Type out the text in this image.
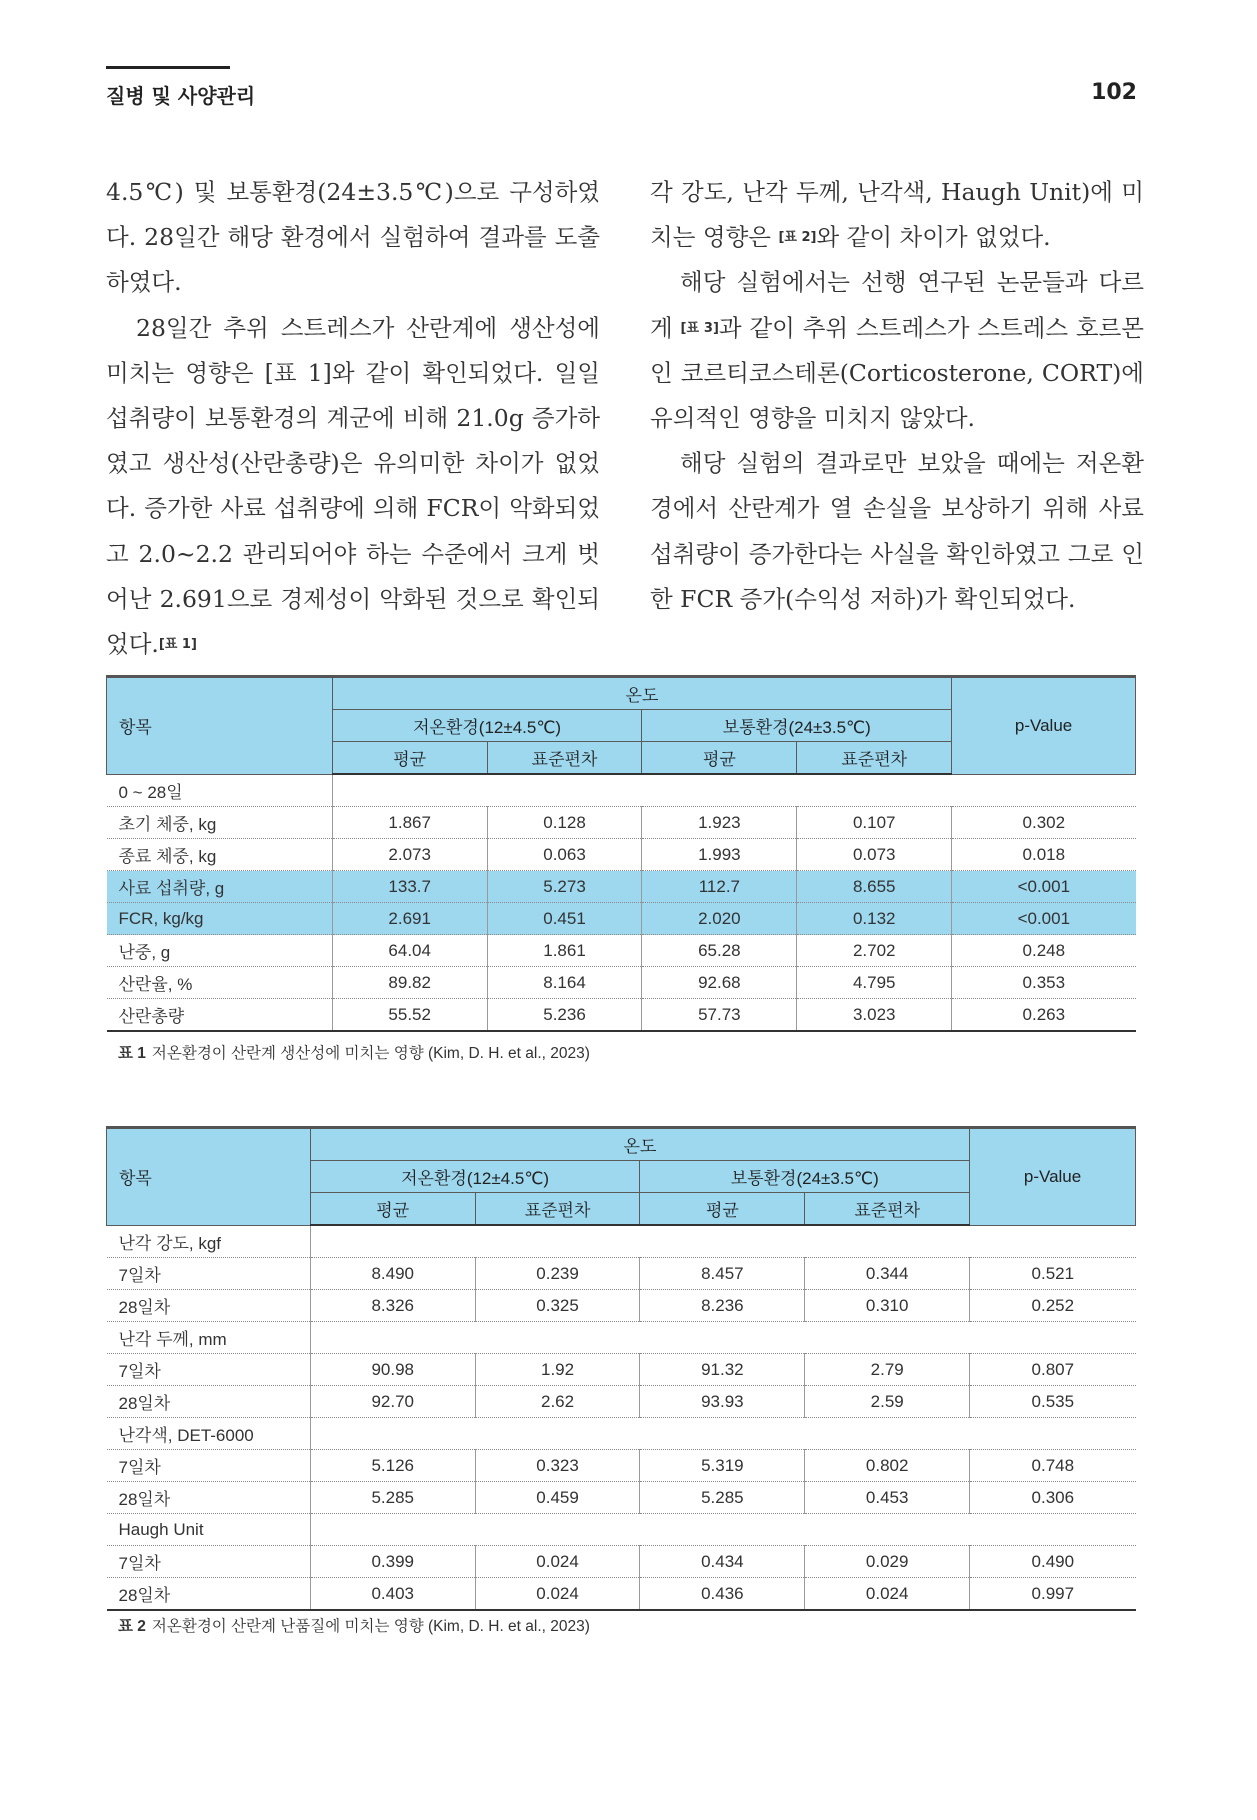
질병 및 사양관리	102

4.5℃) 및 보통환경(24±3.5℃)으로 구성하였다. 28일간 해당 환경에서 실험하여 결과를 도출하였다.

28일간 추위 스트레스가 산란계에 생산성에 미치는 영향은 [표 1]와 같이 확인되었다. 일일섭취량이 보통환경의 계군에 비해 21.0g 증가하였고 생산성(산란총량)은 유의미한 차이가 없었다. 증가한 사료 섭취량에 의해 FCR이 악화되었고 2.0~2.2 관리되어야 하는 수준에서 크게 벗어난 2.691으로 경제성이 악화된 것으로 확인되었다.[표 1]

각 강도, 난각 두께, 난각색, Haugh Unit)에 미치는 영향은 [표 2]와 같이 차이가 없었다.

해당 실험에서는 선행 연구된 논문들과 다르게 [표 3]과 같이 추위 스트레스가 스트레스 호르몬인 코르티코스테론(Corticosterone, CORT)에 유의적인 영향을 미치지 않았다.

해당 실험의 결과로만 보았을 때에는 저온환경에서 산란계가 열 손실을 보상하기 위해 사료섭취량이 증가한다는 사실을 확인하였고 그로 인한 FCR 증가(수익성 저하)가 확인되었다.

항목	온도				p-Value
	저온환경(12±4.5℃)		보통환경(24±3.5℃)		
	평균	표준편차	평균	표준편차	
0 ~ 28일					
초기 체중, kg	1.867	0.128	1.923	0.107	0.302
종료 체중, kg	2.073	0.063	1.993	0.073	0.018
사료 섭취량, g	133.7	5.273	112.7	8.655	<0.001
FCR, kg/kg	2.691	0.451	2.020	0.132	<0.001
난중, g	64.04	1.861	65.28	2.702	0.248
산란율, %	89.82	8.164	92.68	4.795	0.353
산란총량	55.52	5.236	57.73	3.023	0.263
표 1 저온환경이 산란계 생산성에 미치는 영향 (Kim, D. H. et al., 2023)
항목	온도				p-Value
	저온환경(12±4.5℃)		보통환경(24±3.5℃)		
	평균	표준편차	평균	표준편차	
난각 강도, kgf					
7일차	8.490	0.239	8.457	0.344	0.521
28일차	8.326	0.325	8.236	0.310	0.252
난각 두께, mm					
7일차	90.98	1.92	91.32	2.79	0.807
28일차	92.70	2.62	93.93	2.59	0.535
난각색, DET-6000					
7일차	5.126	0.323	5.319	0.802	0.748
28일차	5.285	0.459	5.285	0.453	0.306
Haugh Unit					
7일차	0.399	0.024	0.434	0.029	0.490
28일차	0.403	0.024	0.436	0.024	0.997
표 2 저온환경이 산란계 난품질에 미치는 영향 (Kim, D. H. et al., 2023)
